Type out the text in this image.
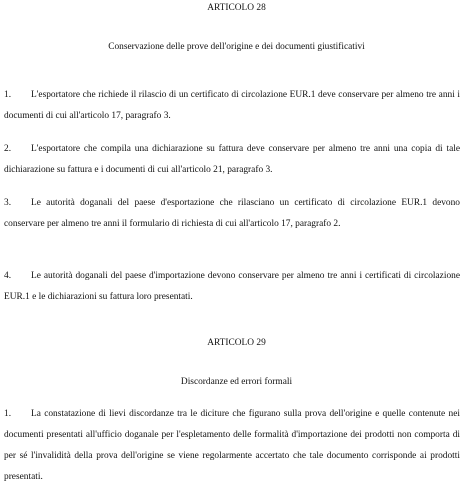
ARTICOLO 28
Conservazione delle prove dell'origine e dei documenti giustificativi
1. L'esportatore che richiede il rilascio di un certificato di circolazione EUR.1 deve conservare per almeno tre anni i documenti di cui all'articolo 17, paragrafo 3.
2. L'esportatore che compila una dichiarazione su fattura deve conservare per almeno tre anni una copia di tale dichiarazione su fattura e i documenti di cui all'articolo 21, paragrafo 3.
3. Le autorità doganali del paese d'esportazione che rilasciano un certificato di circolazione EUR.1 devono conservare per almeno tre anni il formulario di richiesta di cui all'articolo 17, paragrafo 2.
4. Le autorità doganali del paese d'importazione devono conservare per almeno tre anni i certificati di circolazione EUR.1 e le dichiarazioni su fattura loro presentati.
ARTICOLO 29
Discordanze ed errori formali
1. La constatazione di lievi discordanze tra le diciture che figurano sulla prova dell'origine e quelle contenute nei documenti presentati all'ufficio doganale per l'espletamento delle formalità d'importazione dei prodotti non comporta di per sé l'invalidità della prova dell'origine se viene regolarmente accertato che tale documento corrisponde ai prodotti presentati.
